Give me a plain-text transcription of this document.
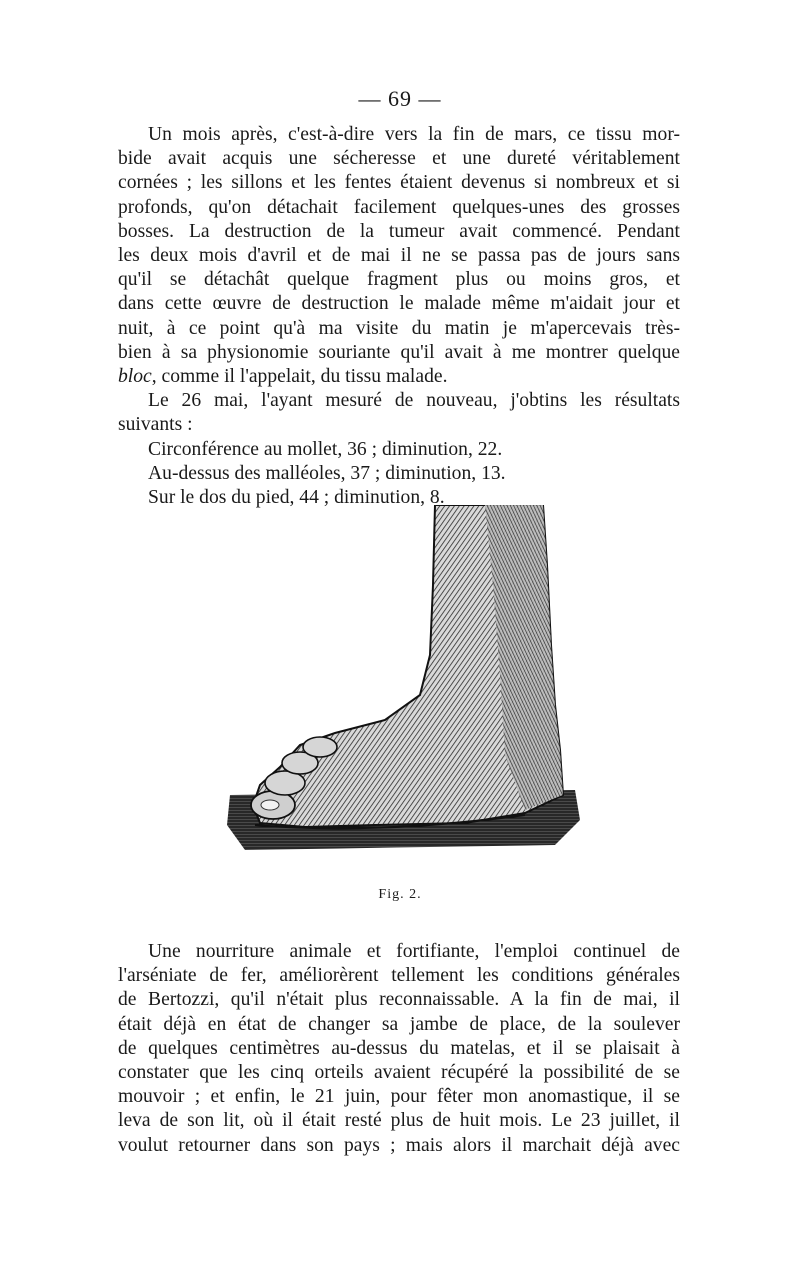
— 69 —
Un mois après, c'est-à-dire vers la fin de mars, ce tissu mor-
bide avait acquis une sécheresse et une dureté véritablement
cornées ; les sillons et les fentes étaient devenus si nombreux et si
profonds, qu'on détachait facilement quelques-unes des grosses
bosses. La destruction de la tumeur avait commencé. Pendant
les deux mois d'avril et de mai il ne se passa pas de jours sans
qu'il se détachât quelque fragment plus ou moins gros, et
dans cette œuvre de destruction le malade même m'aidait jour et
nuit, à ce point qu'à ma visite du matin je m'apercevais très-
bien à sa physionomie souriante qu'il avait à me montrer quelque
bloc, comme il l'appelait, du tissu malade.
Le 26 mai, l'ayant mesuré de nouveau, j'obtins les résultats
suivants :
Circonférence au mollet, 36 ; diminution, 22.
Au-dessus des malléoles, 37 ; diminution, 13.
Sur le dos du pied, 44 ; diminution, 8.
Fig. 2.
Une nourriture animale et fortifiante, l'emploi continuel de
l'arséniate de fer, améliorèrent tellement les conditions générales
de Bertozzi, qu'il n'était plus reconnaissable. A la fin de mai, il
était déjà en état de changer sa jambe de place, de la soulever
de quelques centimètres au-dessus du matelas, et il se plaisait à
constater que les cinq orteils avaient récupéré la possibilité de se
mouvoir ; et enfin, le 21 juin, pour fêter mon anomastique, il se
leva de son lit, où il était resté plus de huit mois. Le 23 juillet, il
voulut retourner dans son pays ; mais alors il marchait déjà avec
